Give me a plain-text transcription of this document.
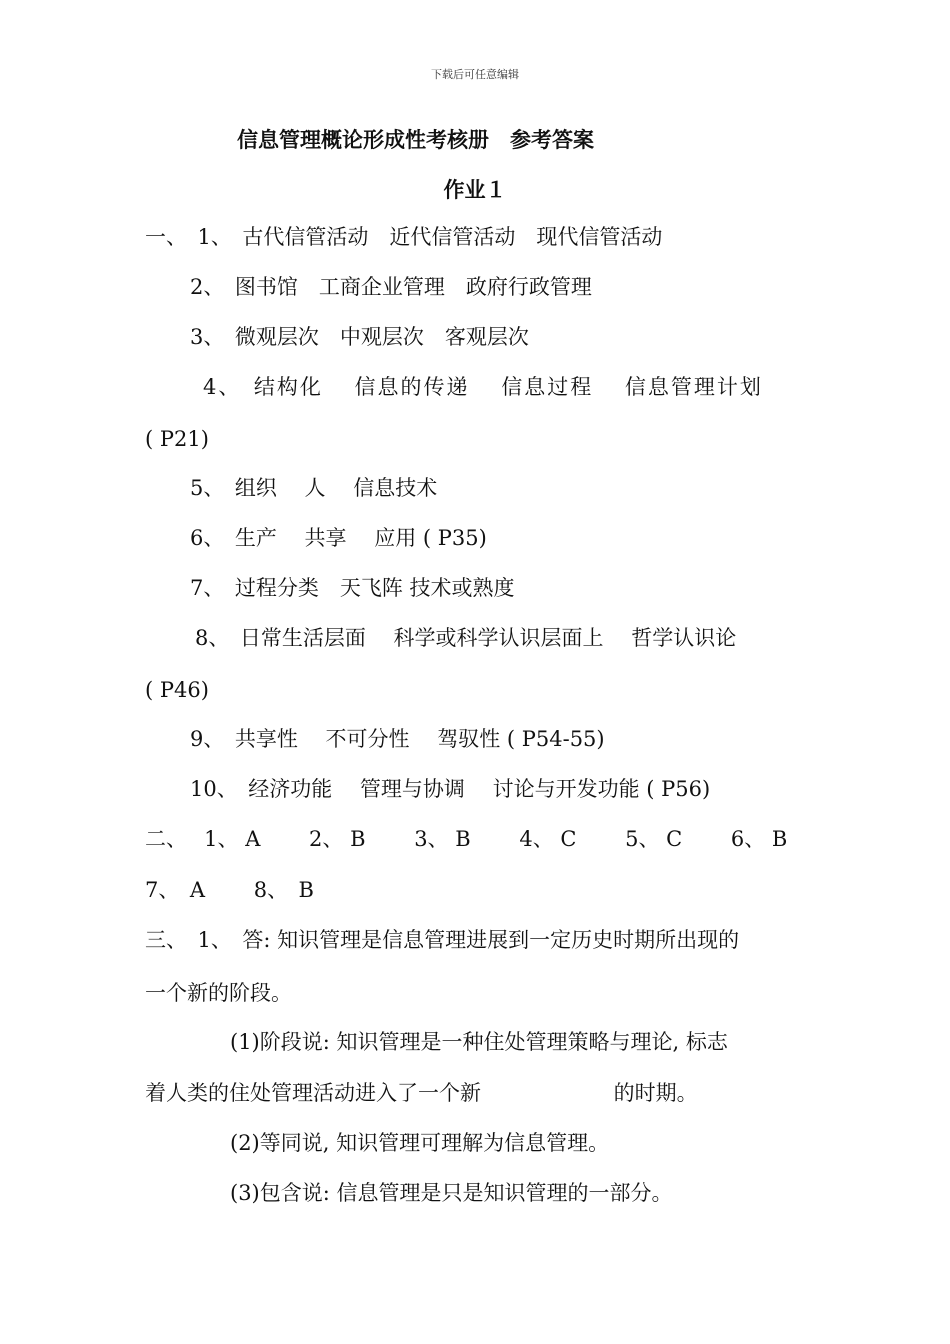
下载后可任意编辑
信息管理概论形成性考核册　参考答案
作业１
一、　1、　古代信管活动　近代信管活动　现代信管活动
2、　图书馆　工商企业管理　政府行政管理
3、　微观层次　中观层次　客观层次
4、　结构化　 信息的传递　 信息过程　 信息管理计划
( P21)
5、　组织　 人　 信息技术
6、　生产　 共享　 应用 ( P35)
7、　过程分类　天飞阵 技术或熟度
8、　日常生活层面　 科学或科学认识层面上　 哲学认识论
( P46)
9、　共享性　 不可分性　 驾驭性 ( P54-55)
10、　经济功能　 管理与协调　 讨论与开发功能 ( P56)
二、　 1、 A　　 2、 B　　 3、 B　　 4、 C　　 5、 C　　 6、 B
7、　A　　 8、　B
三、　1、　答: 知识管理是信息管理进展到一定历史时期所出现的
一个新的阶段。
(1)阶段说: 知识管理是一种住处管理策略与理论, 标志
着人类的住处管理活动进入了一个新　　　　　　 的时期。
(2)等同说, 知识管理可理解为信息管理。
(3)包含说: 信息管理是只是知识管理的一部分。
